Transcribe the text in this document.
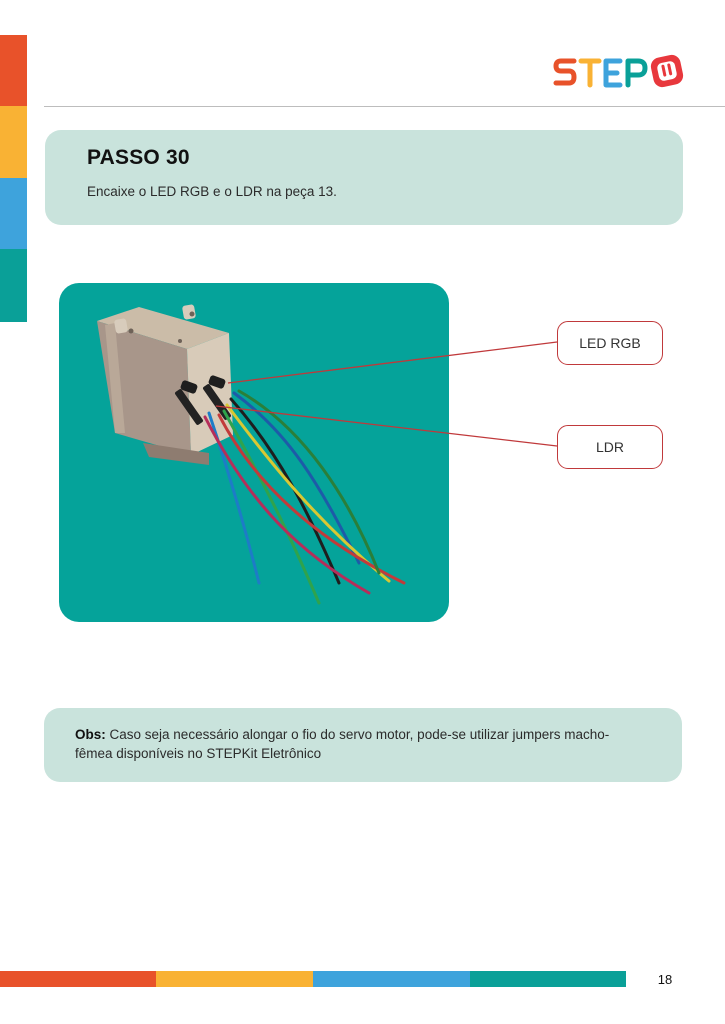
PASSO 30

Encaixe o LED RGB e o LDR na peça 13.

LED RGB
LDR

Obs: Caso seja necessário alongar o fio do servo motor, pode-se utilizar jumpers macho-fêmea disponíveis no STEPKit Eletrônico

18
